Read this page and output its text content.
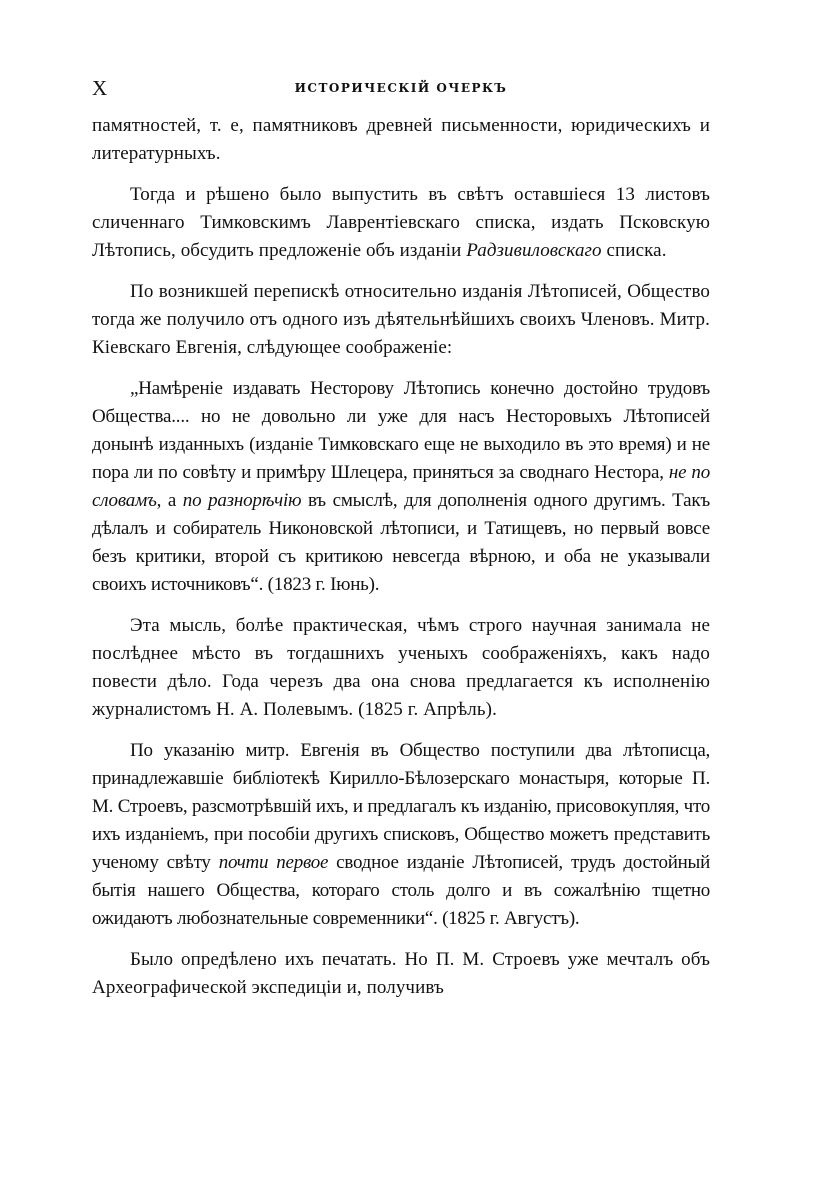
X	ИСТОРИЧЕСКІЙ ОЧЕРКЪ

памятностей, т. е, памятниковъ древней письменности, юридическихъ и литературныхъ.

Тогда и рѣшено было выпустить въ свѣтъ оставшіеся 13 листовъ сличеннаго Тимковскимъ Лаврентіевскаго списка, издать Псковскую Лѣтопись, обсудить предложеніе объ изданіи Радзивиловскаго списка.

По возникшей перепискѣ относительно изданія Лѣтописей, Общество тогда же получило отъ одного изъ дѣятельнѣйшихъ своихъ Членовъ. Митр. Кіевскаго Евгенія, слѣдующее соображеніе:

„Намѣреніе издавать Несторову Лѣтопись конечно достойно трудовъ Общества.... но не довольно ли уже для насъ Несторовыхъ Лѣтописей донынѣ изданныхъ (изданіе Тимковскаго еще не выходило въ это время) и не пора ли по совѣту и примѣру Шлецера, приняться за своднаго Нестора, не по словамъ, а по разнорѣчію въ смыслѣ, для дополненія одного другимъ. Такъ дѣлалъ и собиратель Никоновской лѣтописи, и Татищевъ, но первый вовсе безъ критики, второй съ критикою невсегда вѣрною, и оба не указывали своихъ источниковъ“. (1823 г. Іюнь).

Эта мысль, болѣе практическая, чѣмъ строго научная занимала не послѣднее мѣсто въ тогдашнихъ ученыхъ соображеніяхъ, какъ надо повести дѣло. Года черезъ два она снова предлагается къ исполненію журналистомъ Н. А. Полевымъ. (1825 г. Апрѣль).

По указанію митр. Евгенія въ Общество поступили два лѣтописца, принадлежавшіе библіотекѣ Кирилло-Бѣлозерскаго монастыря, которые П. М. Строевъ, разсмотрѣвшій ихъ, и предлагалъ къ изданію, присовокупляя, что ихъ изданіемъ, при пособіи другихъ списковъ, Общество можетъ представить ученому свѣту почти первое сводное изданіе Лѣтописей, трудъ достойный бытія нашего Общества, котораго столь долго и въ сожалѣнію тщетно ожидаютъ любознательные современники“. (1825 г. Августъ).

Было опредѣлено ихъ печатать. Но П. М. Строевъ уже мечталъ объ Археографической экспедиціи и, получивъ
